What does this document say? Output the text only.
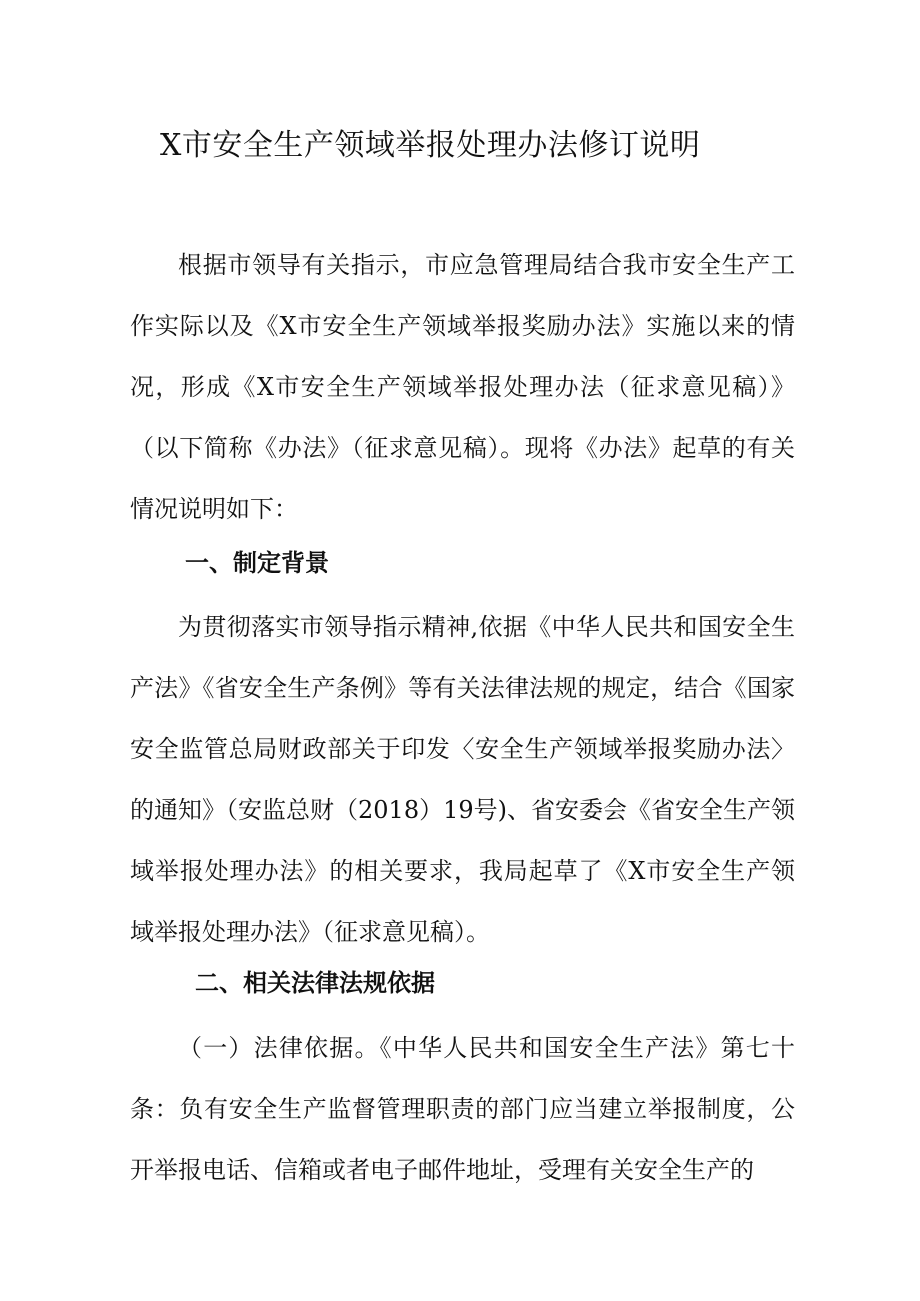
X市安全生产领域举报处理办法修订说明

根据市领导有关指示，市应急管理局结合我市安全生产工作实际以及《X市安全生产领域举报奖励办法》实施以来的情况，形成《X市安全生产领域举报处理办法（征求意见稿）》（以下简称《办法》（征求意见稿）。现将《办法》起草的有关情况说明如下：

一、制定背景

为贯彻落实市领导指示精神,依据《中华人民共和国安全生产法》《省安全生产条例》等有关法律法规的规定，结合《国家安全监管总局财政部关于印发〈安全生产领域举报奖励办法〉的通知》（安监总财（2018）19号)、省安委会《省安全生产领域举报处理办法》的相关要求，我局起草了《X市安全生产领域举报处理办法》（征求意见稿）。

二、相关法律法规依据

（一）法律依据。《中华人民共和国安全生产法》第七十条：负有安全生产监督管理职责的部门应当建立举报制度，公开举报电话、信箱或者电子邮件地址，受理有关安全生产的
